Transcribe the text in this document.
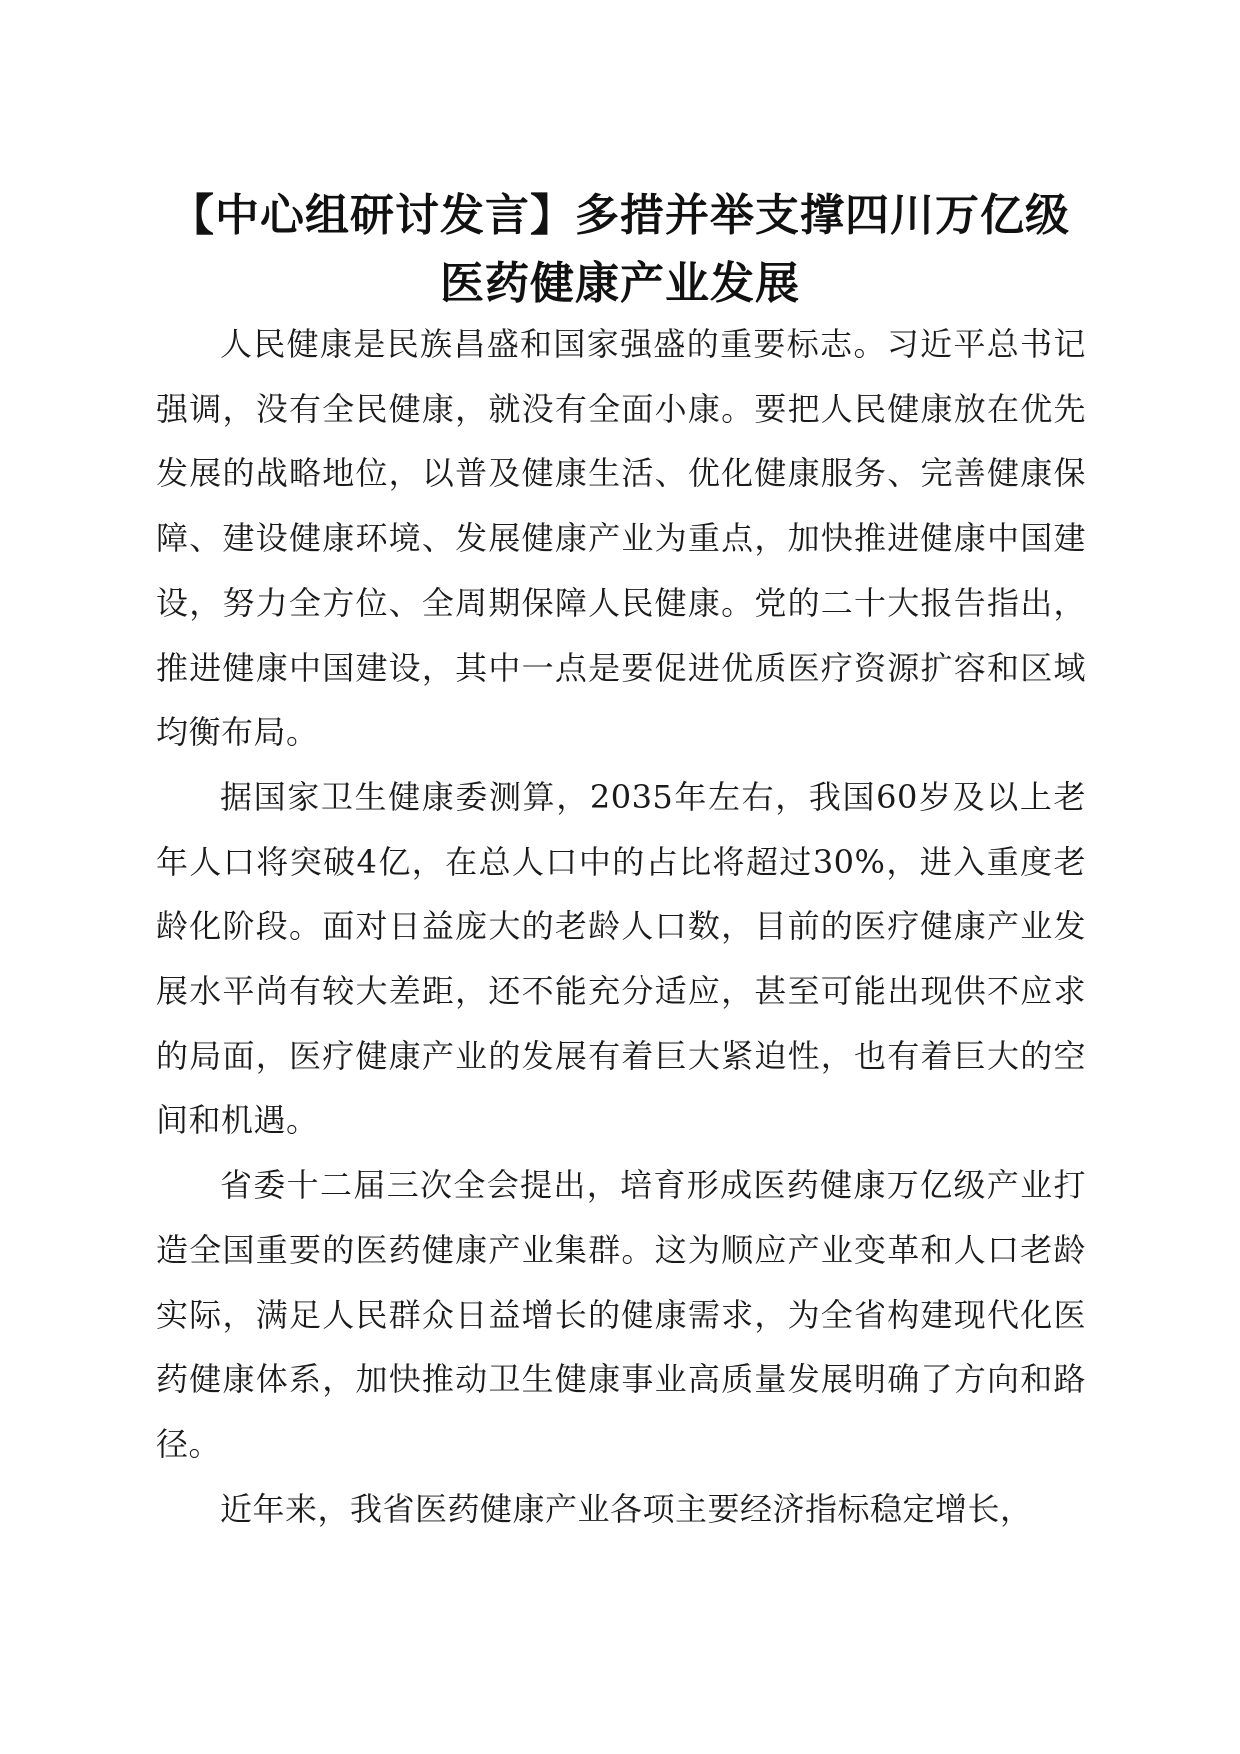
【中心组研讨发言】多措并举支撑四川万亿级
医药健康产业发展

人民健康是民族昌盛和国家强盛的重要标志。习近平总书记强调，没有全民健康，就没有全面小康。要把人民健康放在优先发展的战略地位，以普及健康生活、优化健康服务、完善健康保障、建设健康环境、发展健康产业为重点，加快推进健康中国建设，努力全方位、全周期保障人民健康。党的二十大报告指出，推进健康中国建设，其中一点是要促进优质医疗资源扩容和区域均衡布局。

据国家卫生健康委测算，2035年左右，我国60岁及以上老年人口将突破4亿，在总人口中的占比将超过30%，进入重度老龄化阶段。面对日益庞大的老龄人口数，目前的医疗健康产业发展水平尚有较大差距，还不能充分适应，甚至可能出现供不应求的局面，医疗健康产业的发展有着巨大紧迫性，也有着巨大的空间和机遇。

省委十二届三次全会提出，培育形成医药健康万亿级产业打造全国重要的医药健康产业集群。这为顺应产业变革和人口老龄实际，满足人民群众日益增长的健康需求，为全省构建现代化医药健康体系，加快推动卫生健康事业高质量发展明确了方向和路径。

近年来，我省医药健康产业各项主要经济指标稳定增长，
